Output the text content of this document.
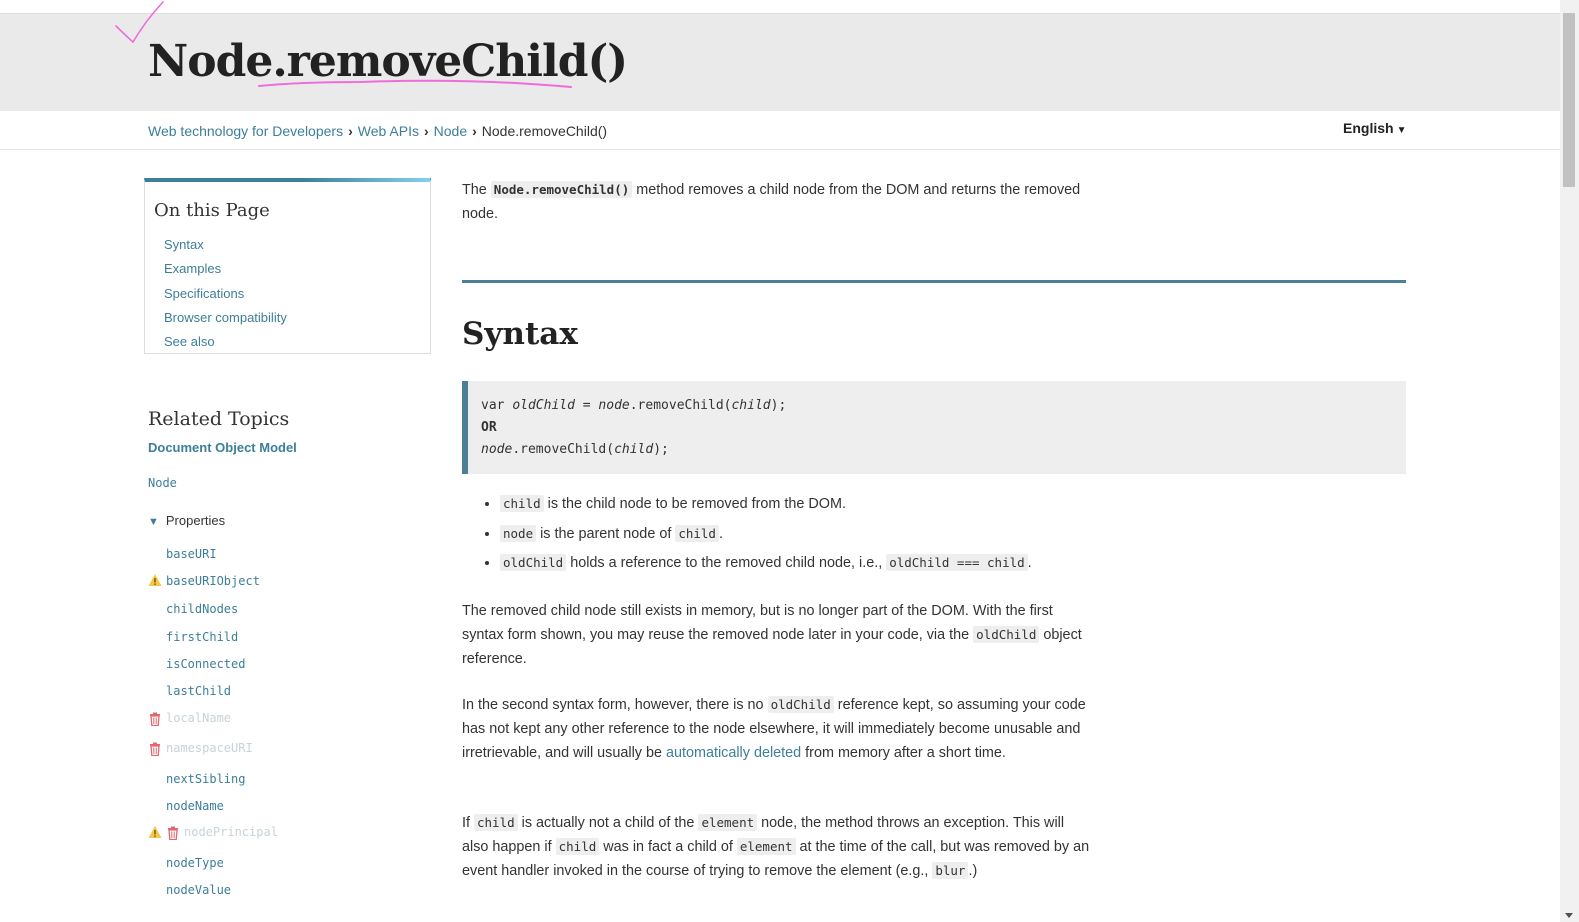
Node.removeChild()
Web technology for Developers › Web APIs › Node › Node.removeChild()	English ▼
On this Page
Syntax
Examples
Specifications
Browser compatibility
See also
Related Topics
Document Object Model
Node
▼ Properties
baseURI
baseURIObject
childNodes
firstChild
isConnected
lastChild
localName
namespaceURI
nextSibling
nodeName
nodePrincipal
nodeType
nodeValue

The Node.removeChild() method removes a child node from the DOM and returns the removed node.

Syntax
var oldChild = node.removeChild(child);
OR
node.removeChild(child);
• child is the child node to be removed from the DOM.
• node is the parent node of child .
• oldChild holds a reference to the removed child node, i.e., oldChild === child .

The removed child node still exists in memory, but is no longer part of the DOM. With the first syntax form shown, you may reuse the removed node later in your code, via the oldChild object reference.

In the second syntax form, however, there is no oldChild reference kept, so assuming your code has not kept any other reference to the node elsewhere, it will immediately become unusable and irretrievable, and will usually be automatically deleted from memory after a short time.

If child is actually not a child of the element node, the method throws an exception. This will also happen if child was in fact a child of element at the time of the call, but was removed by an event handler invoked in the course of trying to remove the element (e.g., blur .)
